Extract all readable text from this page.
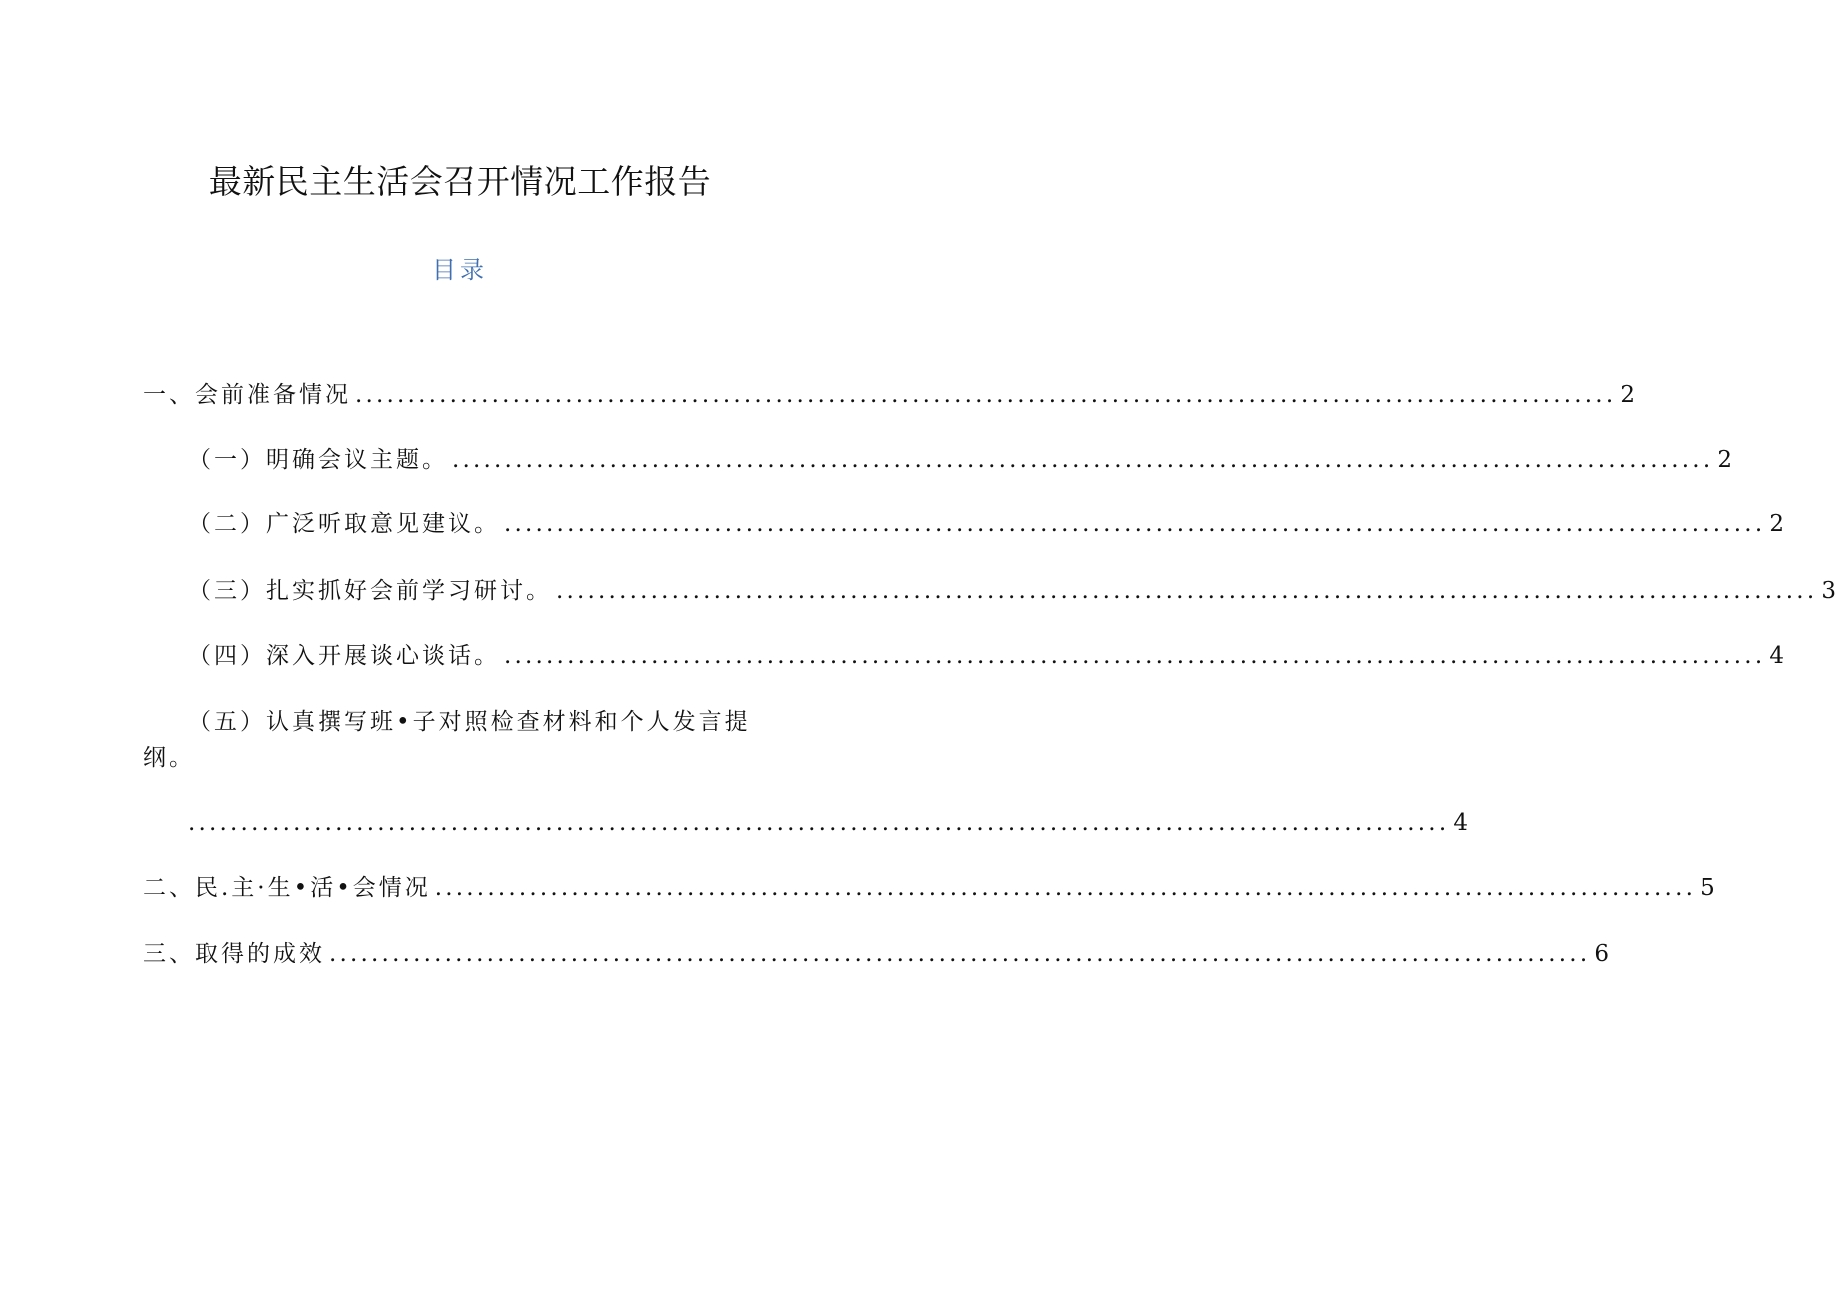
最新民主生活会召开情况工作报告
目录
一、会前准备情况 ........................................................................................................................ 2
（一）明确会议主题。 ........................................................................................................................ 2
（二）广泛听取意见建议。 ........................................................................................................................ 2
（三）扎实抓好会前学习研讨。 ........................................................................................................................ 3
（四）深入开展谈心谈话。 ........................................................................................................................ 4
（五）认真撰写班•子对照检查材料和个人发言提
纲。
........................................................................................................................ 4
二、民.主·生•活•会情况 ........................................................................................................................ 5
三、取得的成效 ........................................................................................................................ 6
